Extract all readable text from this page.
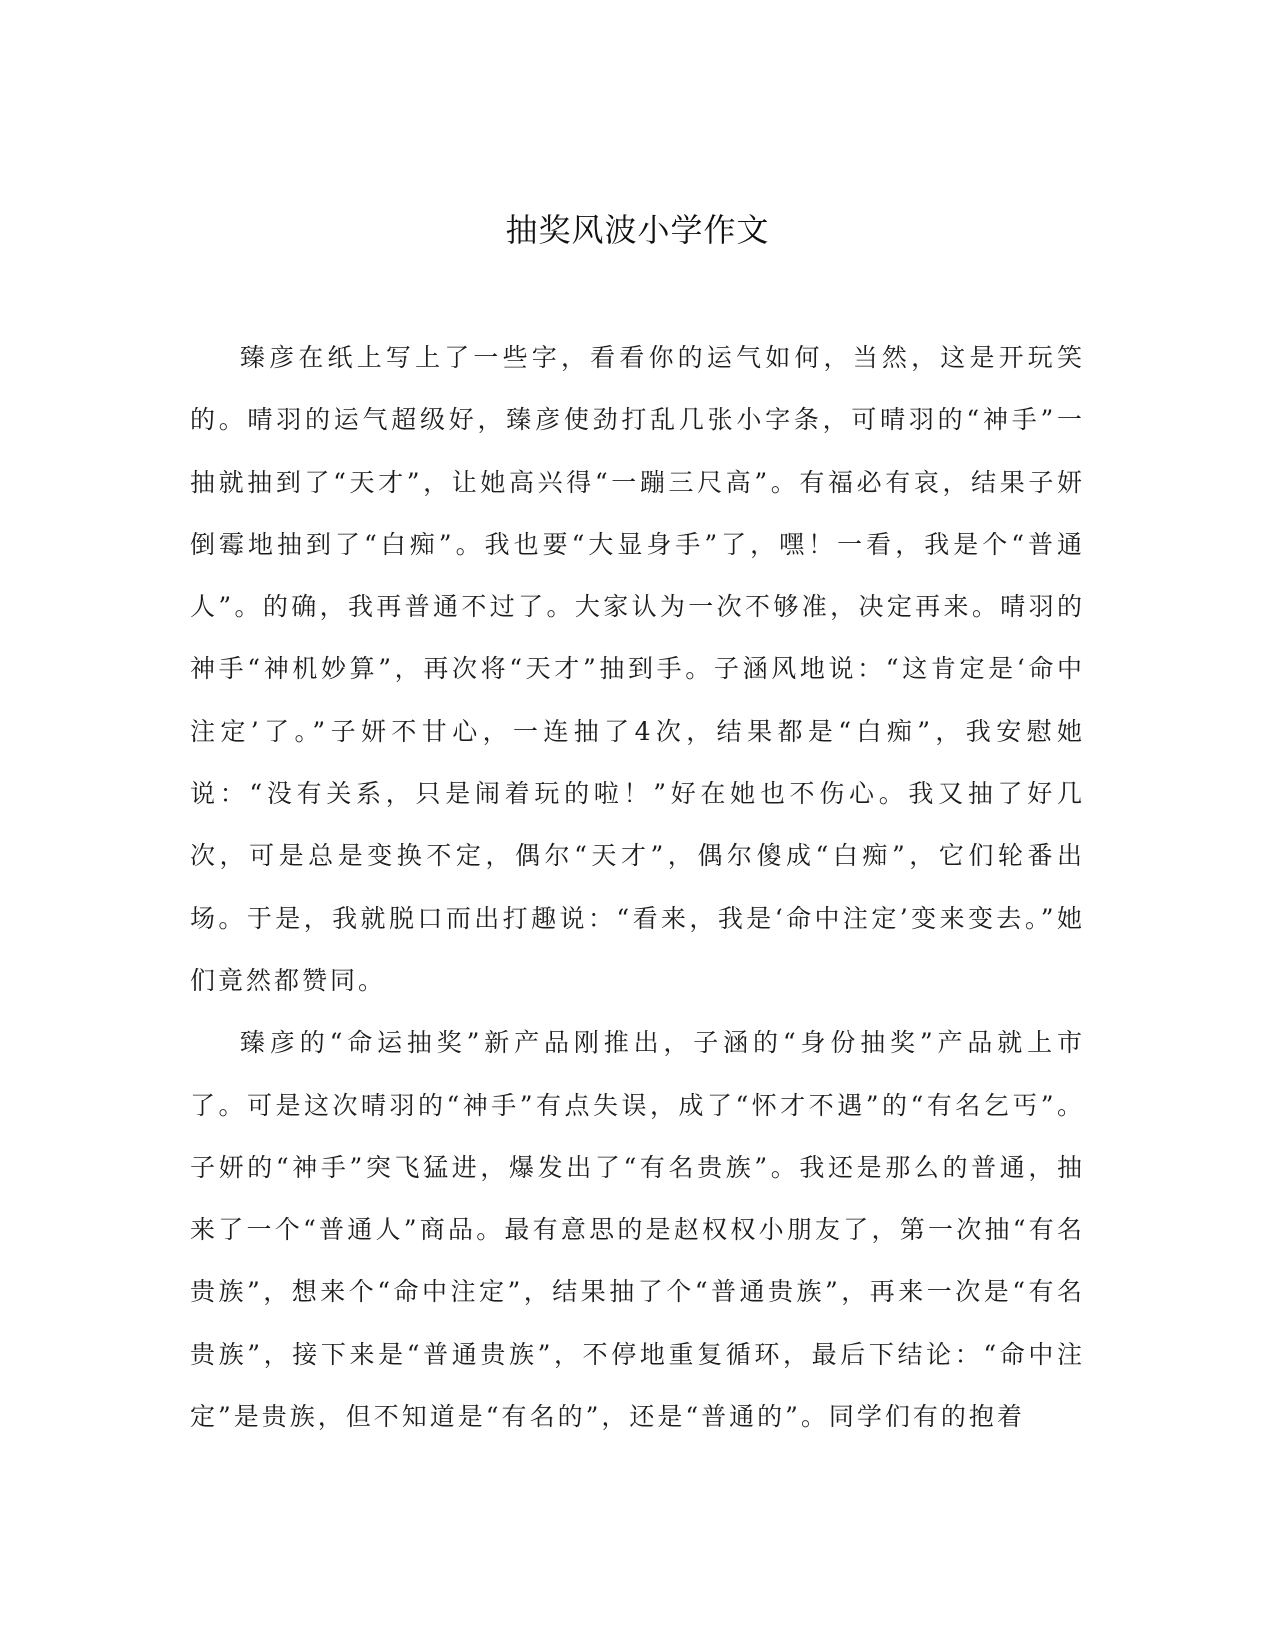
抽奖风波小学作文

臻彦在纸上写上了一些字，看看你的运气如何，当然，这是开玩笑的。晴羽的运气超级好，臻彦使劲打乱几张小字条，可晴羽的“神手”一抽就抽到了“天才”，让她高兴得“一蹦三尺高”。有福必有哀，结果子妍倒霉地抽到了“白痴”。我也要“大显身手”了，嘿！一看，我是个“普通人”。的确，我再普通不过了。大家认为一次不够准，决定再来。晴羽的神手“神机妙算”，再次将“天才”抽到手。子涵风地说：“这肯定是‘命中注定’了。”子妍不甘心，一连抽了4次，结果都是“白痴”，我安慰她说：“没有关系，只是闹着玩的啦！”好在她也不伤心。我又抽了好几次，可是总是变换不定，偶尔“天才”，偶尔傻成“白痴”，它们轮番出场。于是，我就脱口而出打趣说：“看来，我是‘命中注定’变来变去。”她们竟然都赞同。

臻彦的“命运抽奖”新产品刚推出，子涵的“身份抽奖”产品就上市了。可是这次晴羽的“神手”有点失误，成了“怀才不遇”的“有名乞丐”。子妍的“神手”突飞猛进，爆发出了“有名贵族”。我还是那么的普通，抽来了一个“普通人”商品。最有意思的是赵权权小朋友了，第一次抽“有名贵族”，想来个“命中注定”，结果抽了个“普通贵族”，再来一次是“有名贵族”，接下来是“普通贵族”，不停地重复循环，最后下结论：“命中注定”是贵族，但不知道是“有名的”，还是“普通的”。同学们有的抱着
